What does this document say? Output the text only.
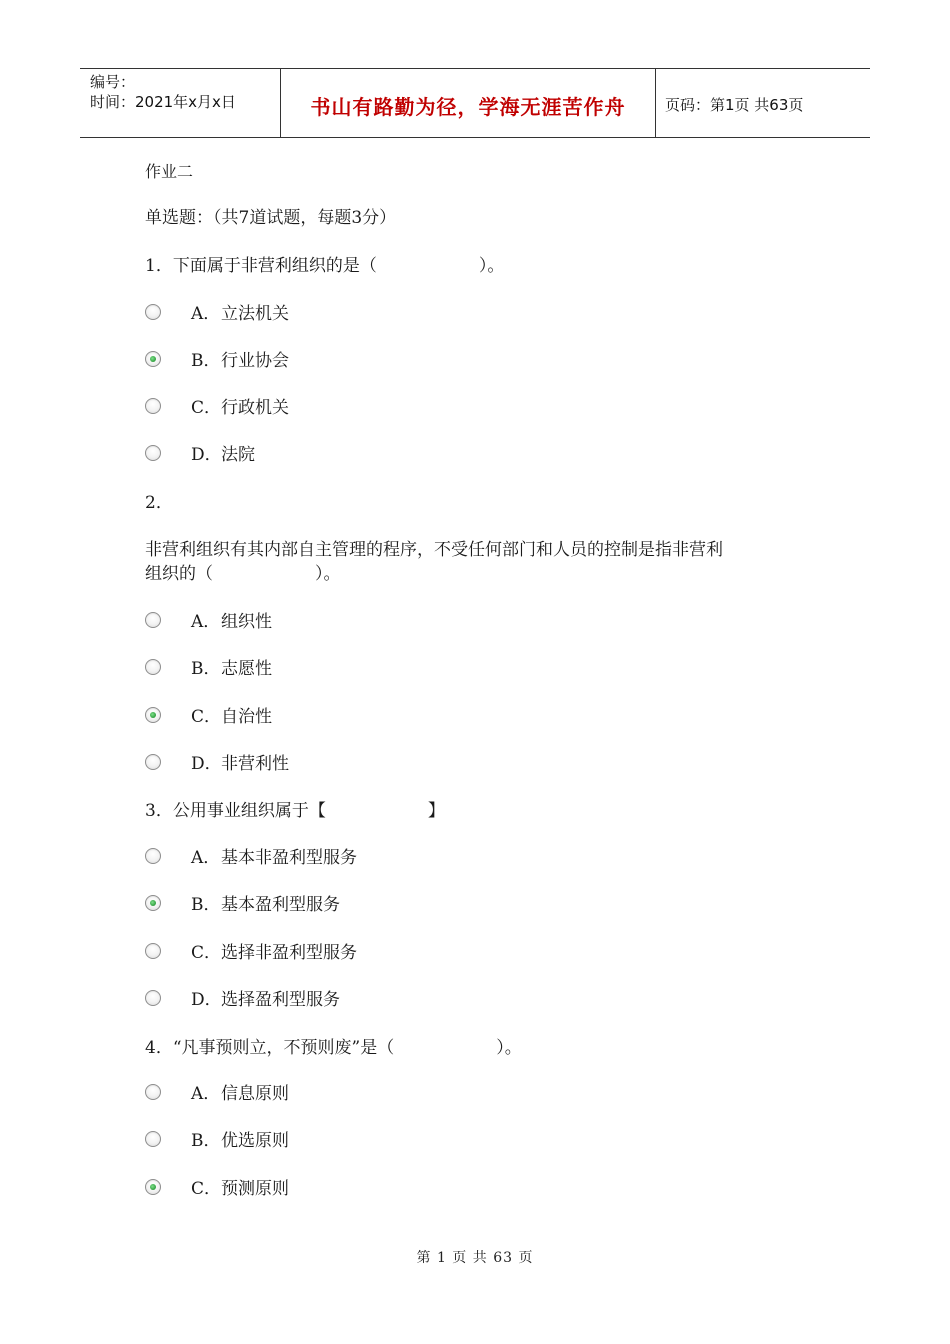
编号：
时间：2021年x月x日	书山有路勤为径，学海无涯苦作舟	页码：第1页 共63页
作业二
单选题：（共7道试题，每题3分）
1．下面属于非营利组织的是（　　　　　　）。
A．立法机关
B．行业协会
C．行政机关
D．法院
2．
非营利组织有其内部自主管理的程序，不受任何部门和人员的控制是指非营利
组织的（　　　　　　）。
A．组织性
B．志愿性
C．自治性
D．非营利性
3．公用事业组织属于【　　　　　　】
A．基本非盈利型服务
B．基本盈利型服务
C．选择非盈利型服务
D．选择盈利型服务
4．“凡事预则立，不预则废”是（　　　　　　）。
A．信息原则
B．优选原则
C．预测原则
第 1 页 共 63 页
